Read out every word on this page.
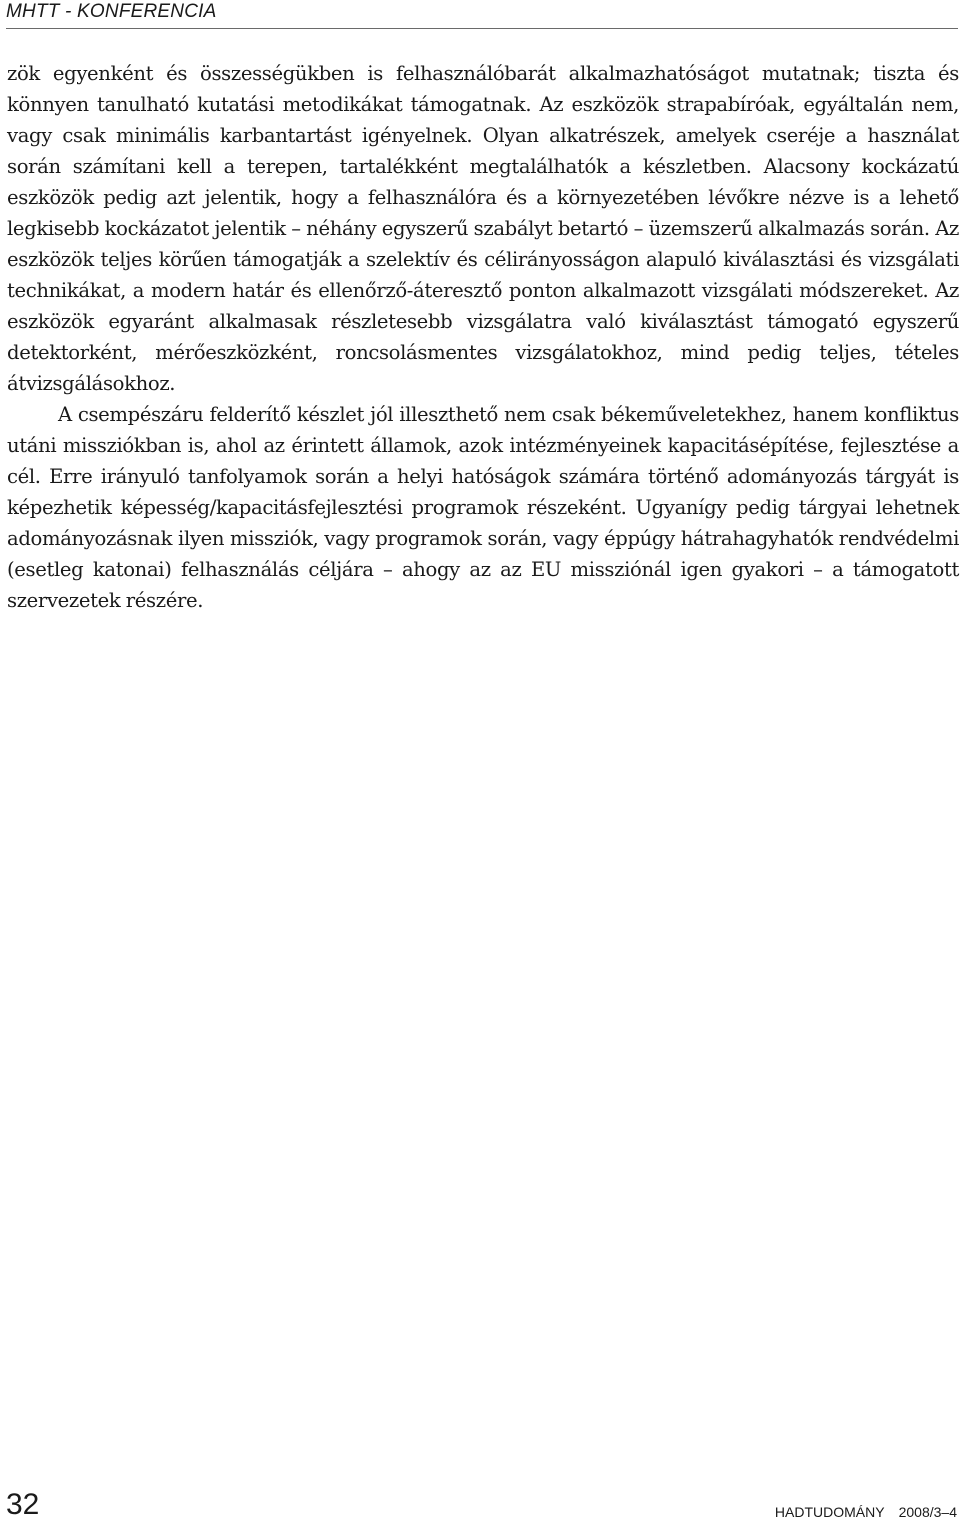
MHTT - KONFERENCIA

zök egyenként és összességükben is felhasználóbarát alkalmazhatóságot mutatnak; tiszta és könnyen tanulható kutatási metodikákat támogatnak. Az eszközök strapabíróak, egyáltalán nem, vagy csak minimális karbantartást igényelnek. Olyan alkatrészek, amelyek cseréje a használat során számítani kell a terepen, tartalékként megtalálhatók a készletben. Alacsony kockázatú eszközök pedig azt jelentik, hogy a felhasználóra és a környezetében lévőkre nézve is a lehető legkisebb kockázatot jelentik – néhány egyszerű szabályt betartó – üzemszerű alkalmazás során. Az eszközök teljes körűen támogatják a szelektív és célirányosságon alapuló kiválasztási és vizsgálati technikákat, a modern határ és ellenőrző-áteresztő ponton alkalmazott vizsgálati módszereket. Az eszközök egyaránt alkalmasak részletesebb vizsgálatra való kiválasztást támogató egyszerű detektorként, mérőeszközként, roncsolásmentes vizsgálatokhoz, mind pedig teljes, tételes átvizsgálásokhoz.

A csempészáru felderítő készlet jól illeszthető nem csak békeműveletekhez, hanem konfliktus utáni missziókban is, ahol az érintett államok, azok intézményeinek kapacitásépítése, fejlesztése a cél. Erre irányuló tanfolyamok során a helyi hatóságok számára történő adományozás tárgyát is képezhetik képesség/kapacitásfejlesztési programok részeként. Ugyanígy pedig tárgyai lehetnek adományozásnak ilyen missziók, vagy programok során, vagy éppúgy hátrahagyhatók rendvédelmi (esetleg katonai) felhasználás céljára – ahogy az az EU missziónál igen gyakori – a támogatott szervezetek részére.

32	HADTUDOMÁNY 2008/3–4
